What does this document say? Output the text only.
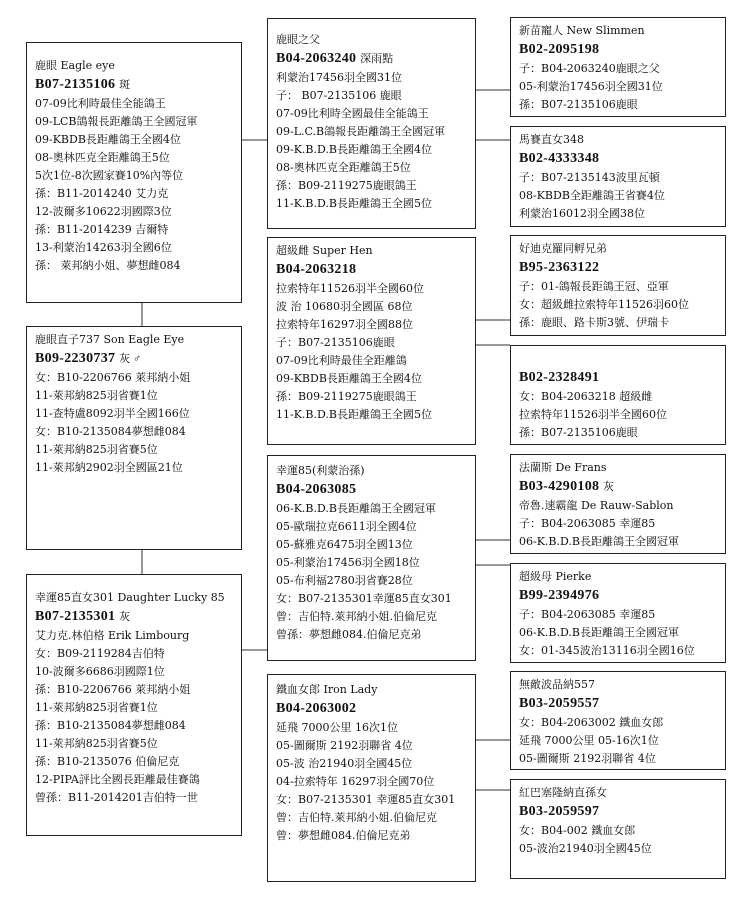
鹿眼 Eagle eye
B07-2135106 斑
07-09比利時最佳全能鴿王
09-LCB鴿報長距離鴿王全國冠軍
09-KBDB長距離鴿王全國4位
08-奧林匹克全距離鴿王5位
5次1位-8次國家賽10%內等位
孫：B11-2014240 艾力克
12-波爾多10622羽國際3位
孫：B11-2014239 吉爾特
13-利蒙治14263羽全國6位
孫： 萊邦納小姐、夢想雌084
鹿眼直子737 Son Eagle Eye
B09-2230737 灰 ♂
女：B10-2206766 萊邦納小姐
11-萊邦納825羽省賽1位
11-查特盧8092羽半全國166位
女：B10-2135084夢想雌084
11-萊邦納825羽省賽5位
11-萊邦納2902羽全國區21位
幸運85直女301 Daughter Lucky 85
B07-2135301 灰
艾力克.林伯格 Erik Limbourg
女：B09-2119284吉伯特
10-波爾多6686羽國際1位
孫：B10-2206766 萊邦納小姐
11-萊邦納825羽省賽1位
孫：B10-2135084夢想雌084
11-萊邦納825羽省賽5位
孫：B10-2135076 伯倫尼克
12-PIPA評比全國長距離最佳賽鴿
曾孫：B11-2014201吉伯特一世
鹿眼之父
B04-2063240 深雨點
利蒙治17456羽全國31位
子： B07-2135106 鹿眼
07-09比利時全國最佳全能鴿王
09-L.C.B鴿報長距離鴿王全國冠軍
09-K.B.D.B長距離鴿王全國4位
08-奧林匹克全距離鴿王5位
孫：B09-2119275鹿眼鴿王
11-K.B.D.B長距離鴿王全國5位
超級雌 Super Hen
B04-2063218
拉索特年11526羽半全國60位
波 治 10680羽全國區 68位
拉索特年16297羽全國88位
子：B07-2135106鹿眼
07-09比利時最佳全距離鴿
09-KBDB長距離鴿王全國4位
孫：B09-2119275鹿眼鴿王
11-K.B.D.B長距離鴿王全國5位
幸運85(利蒙治孫)
B04-2063085
06-K.B.D.B長距離鴿王全國冠軍
05-歐瑞拉克6611羽全國4位
05-蘇雅克6475羽全國13位
05-利蒙治17456羽全國18位
05-布利福2780羽省賽28位
女：B07-2135301幸運85直女301
曾：吉伯特.萊邦納小姐.伯倫尼克
曾孫：夢想雌084.伯倫尼克弟
鐵血女郎 Iron Lady
B04-2063002
延飛 7000公里 16次1位
05-圖爾斯 2192羽聯省 4位
05-波 治21940羽全國45位
04-拉索特年 16297羽全國70位
女：B07-2135301 幸運85直女301
曾：吉伯特.萊邦納小姐.伯倫尼克
曾：夢想雌084.伯倫尼克弟
新苗寵人 New Slimmen
B02-2095198
子：B04-2063240鹿眼之父
05-利蒙治17456羽全國31位
孫：B07-2135106鹿眼
馬賽直女348
B02-4333348
子：B07-2135143波里瓦頓
08-KBDB全距離鴿王省賽4位
利蒙治16012羽全國38位
好迪克羅同孵兄弟
B95-2363122
子：01-鴿報長距鴿王冠、亞軍
女：超級雌拉索特年11526羽60位
孫：鹿眼、路卡斯3號、伊瑞卡
B02-2328491
女：B04-2063218 超級雌
拉索特年11526羽半全國60位
孫：B07-2135106鹿眼
法蘭斯 De Frans
B03-4290108 灰
帝魯.速霸龍 De Rauw-Sablon
子：B04-2063085 幸運85
06-K.B.D.B長距離鴿王全國冠軍
超級母 Pierke
B99-2394976
子：B04-2063085 幸運85
06-K.B.D.B長距離鴿王全國冠軍
女：01-345波治13116羽全國16位
無敵波品納557
B03-2059557
女：B04-2063002 鐵血女郎
延飛 7000公里 05-16次1位
05-圖爾斯 2192羽聯省 4位
紅巴塞隆納直孫女
B03-2059597
女：B04-002 鐵血女郎
05-波治21940羽全國45位
